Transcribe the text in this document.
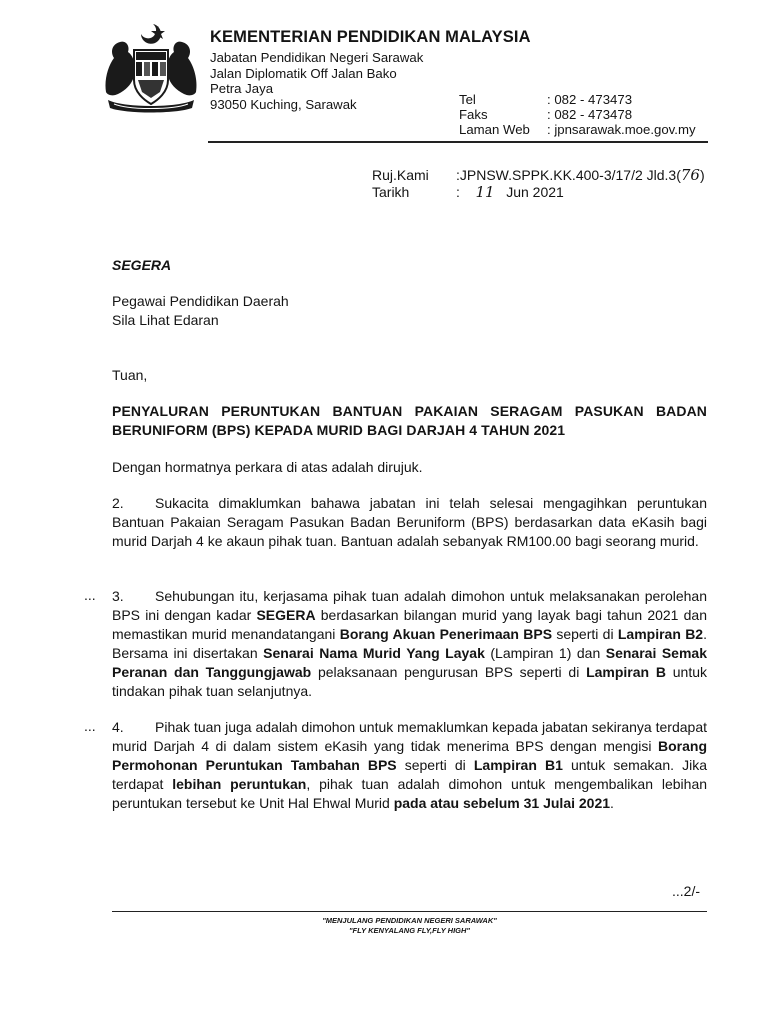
KEMENTERIAN PENDIDIKAN MALAYSIA
Jabatan Pendidikan Negeri Sarawak
Jalan Diplomatik Off Jalan Bako
Petra Jaya
93050 Kuching, Sarawak	Tel	: 082 - 473473
Faks	: 082 - 473478
Laman Web	: jpnsarawak.moe.gov.my
Ruj.Kami	:JPNSW.SPPK.KK.400-3/17/2 Jld.3(76)
Tarikh	: 11 Jun 2021
SEGERA
Pegawai Pendidikan Daerah
Sila Lihat Edaran
Tuan,
PENYALURAN PERUNTUKAN BANTUAN PAKAIAN SERAGAM PASUKAN BADAN BERUNIFORM (BPS) KEPADA MURID BAGI DARJAH 4 TAHUN 2021
Dengan hormatnya perkara di atas adalah dirujuk.
2. Sukacita dimaklumkan bahawa jabatan ini telah selesai mengagihkan peruntukan Bantuan Pakaian Seragam Pasukan Badan Beruniform (BPS) berdasarkan data eKasih bagi murid Darjah 4 ke akaun pihak tuan. Bantuan adalah sebanyak RM100.00 bagi seorang murid.
... 3. Sehubungan itu, kerjasama pihak tuan adalah dimohon untuk melaksanakan perolehan BPS ini dengan kadar SEGERA berdasarkan bilangan murid yang layak bagi tahun 2021 dan memastikan murid menandatangani Borang Akuan Penerimaan BPS seperti di Lampiran B2. Bersama ini disertakan Senarai Nama Murid Yang Layak (Lampiran 1) dan Senarai Semak Peranan dan Tanggungjawab pelaksanaan pengurusan BPS seperti di Lampiran B untuk tindakan pihak tuan selanjutnya.
... 4. Pihak tuan juga adalah dimohon untuk memaklumkan kepada jabatan sekiranya terdapat murid Darjah 4 di dalam sistem eKasih yang tidak menerima BPS dengan mengisi Borang Permohonan Peruntukan Tambahan BPS seperti di Lampiran B1 untuk semakan. Jika terdapat lebihan peruntukan, pihak tuan adalah dimohon untuk mengembalikan lebihan peruntukan tersebut ke Unit Hal Ehwal Murid pada atau sebelum 31 Julai 2021.
...2/-
"MENJULANG PENDIDIKAN NEGERI SARAWAK"
"FLY KENYALANG FLY,FLY HIGH"
